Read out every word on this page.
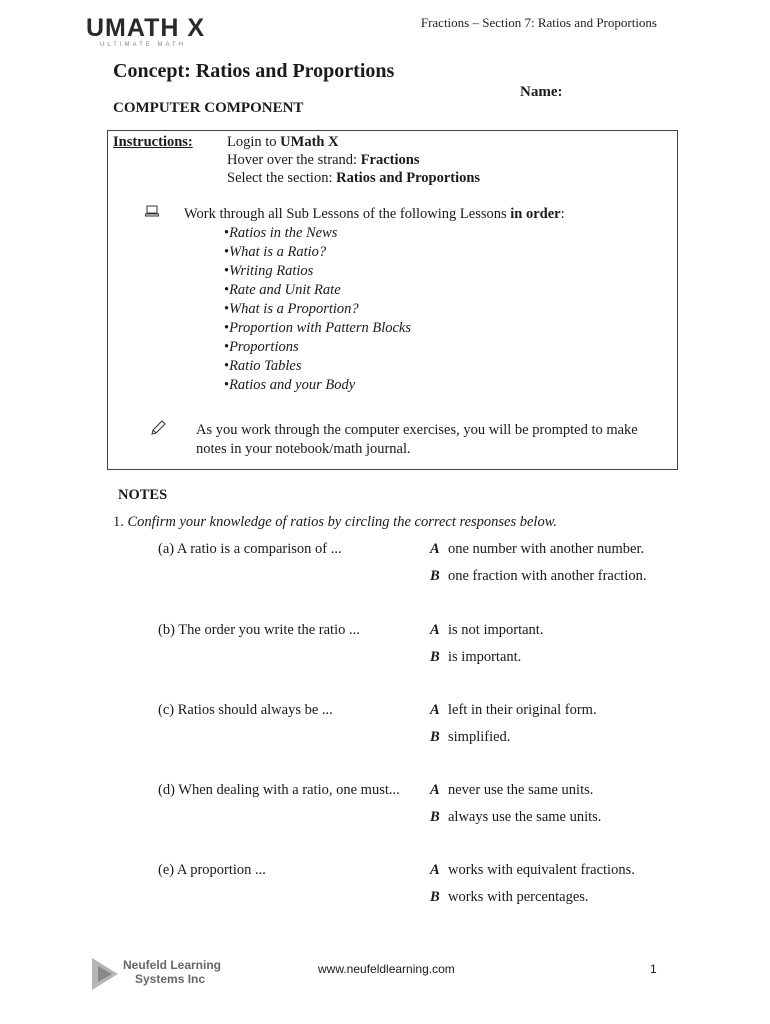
UMATH X
ULTIMATE MATH
Fractions – Section 7: Ratios and Proportions
Concept: Ratios and Proportions
Name:
COMPUTER COMPONENT
Instructions: Login to UMath X
Hover over the strand: Fractions
Select the section: Ratios and Proportions
Work through all Sub Lessons of the following Lessons in order:
• Ratios in the News
• What is a Ratio?
• Writing Ratios
• Rate and Unit Rate
• What is a Proportion?
• Proportion with Pattern Blocks
• Proportions
• Ratio Tables
• Ratios and your Body
As you work through the computer exercises, you will be prompted to make notes in your notebook/math journal.
NOTES
1. Confirm your knowledge of ratios by circling the correct responses below.
(a) A ratio is a comparison of ...	A one number with another number.
B one fraction with another fraction.
(b) The order you write the ratio ...	A is not important.
B is important.
(c) Ratios should always be ...	A left in their original form.
B simplified.
(d) When dealing with a ratio, one must... A never use the same units.
B always use the same units.
(e) A proportion ...	A works with equivalent fractions.
B works with percentages.
Neufeld Learning
Systems Inc
www.neufeldlearning.com	1
